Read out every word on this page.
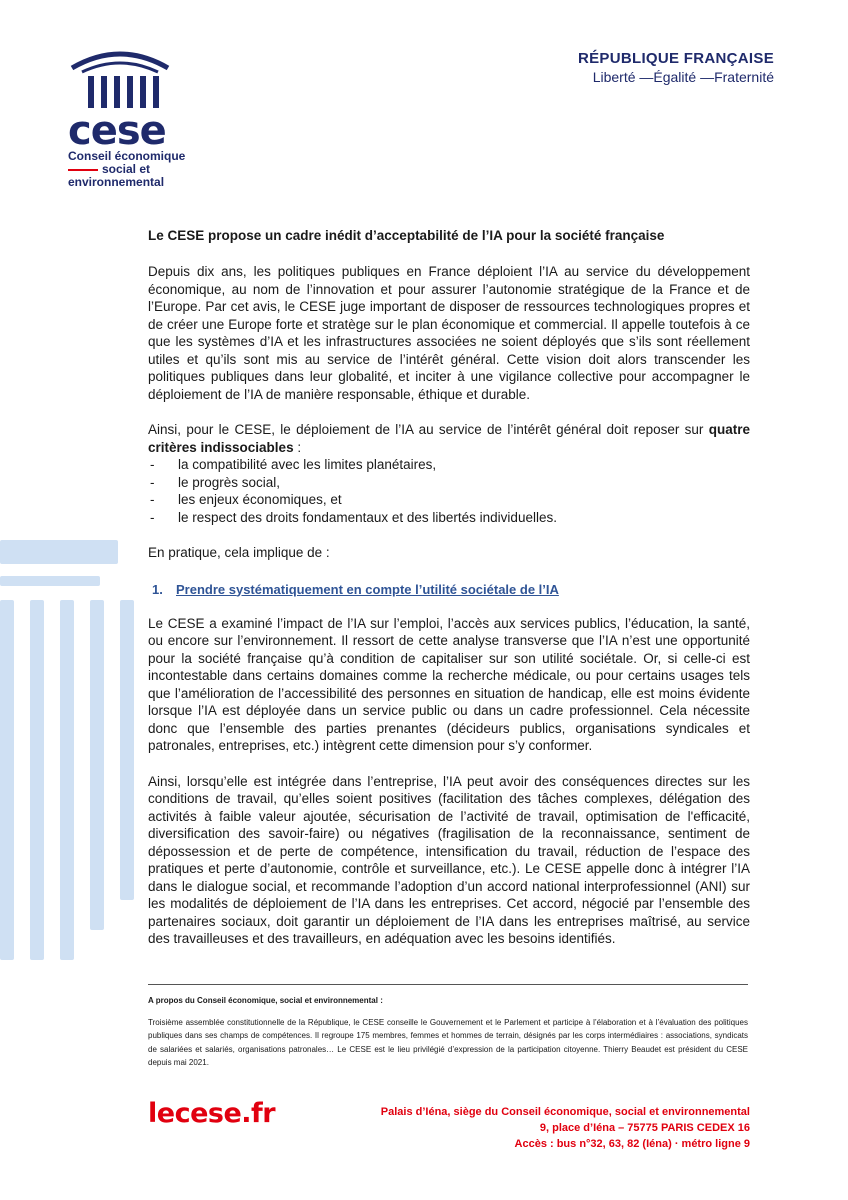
cese
Conseil économique
social et
environnemental
RÉPUBLIQUE FRANÇAISE
Liberté —Égalité —Fraternité
Le CESE propose un cadre inédit d’acceptabilité de l’IA pour la société française

Depuis dix ans, les politiques publiques en France déploient l’IA au service du développement économique, au nom de l’innovation et pour assurer l’autonomie stratégique de la France et de l’Europe. Par cet avis, le CESE juge important de disposer de ressources technologiques propres et de créer une Europe forte et stratège sur le plan économique et commercial. Il appelle toutefois à ce que les systèmes d’IA et les infrastructures associées ne soient déployés que s’ils sont réellement utiles et qu’ils sont mis au service de l’intérêt général. Cette vision doit alors transcender les politiques publiques dans leur globalité, et inciter à une vigilance collective pour accompagner le déploiement de l’IA de manière responsable, éthique et durable.

Ainsi, pour le CESE, le déploiement de l’IA au service de l’intérêt général doit reposer sur quatre critères indissociables :

- la compatibilité avec les limites planétaires,
- le progrès social,
- les enjeux économiques, et
- le respect des droits fondamentaux et des libertés individuelles.

En pratique, cela implique de :

1. Prendre systématiquement en compte l’utilité sociétale de l’IA

Le CESE a examiné l’impact de l’IA sur l’emploi, l’accès aux services publics, l’éducation, la santé, ou encore sur l’environnement. Il ressort de cette analyse transverse que l’IA n’est une opportunité pour la société française qu’à condition de capitaliser sur son utilité sociétale. Or, si celle-ci est incontestable dans certains domaines comme la recherche médicale, ou pour certains usages tels que l’amélioration de l’accessibilité des personnes en situation de handicap, elle est moins évidente lorsque l’IA est déployée dans un service public ou dans un cadre professionnel. Cela nécessite donc que l’ensemble des parties prenantes (décideurs publics, organisations syndicales et patronales, entreprises, etc.) intègrent cette dimension pour s’y conformer.

Ainsi, lorsqu’elle est intégrée dans l’entreprise, l’IA peut avoir des conséquences directes sur les conditions de travail, qu’elles soient positives (facilitation des tâches complexes, délégation des activités à faible valeur ajoutée, sécurisation de l’activité de travail, optimisation de l'efficacité, diversification des savoir-faire) ou négatives (fragilisation de la reconnaissance, sentiment de dépossession et de perte de compétence, intensification du travail, réduction de l’espace des pratiques et perte d’autonomie, contrôle et surveillance, etc.). Le CESE appelle donc à intégrer l’IA dans le dialogue social, et recommande l’adoption d’un accord national interprofessionnel (ANI) sur les modalités de déploiement de l’IA dans les entreprises. Cet accord, négocié par l’ensemble des partenaires sociaux, doit garantir un déploiement de l’IA dans les entreprises maîtrisé, au service des travailleuses et des travailleurs, en adéquation avec les besoins identifiés.

A propos du Conseil économique, social et environnemental :
Troisième assemblée constitutionnelle de la République, le CESE conseille le Gouvernement et le Parlement et participe à l’élaboration et à l’évaluation des politiques publiques dans ses champs de compétences. Il regroupe 175 membres, femmes et hommes de terrain, désignés par les corps intermédiaires : associations, syndicats de salariées et salariés, organisations patronales… Le CESE est le lieu privilégié d’expression de la participation citoyenne. Thierry Beaudet est président du CESE depuis mai 2021.
lecese.fr	Palais d’Iéna, siège du Conseil économique, social et environnemental
9, place d’Iéna – 75775 PARIS CEDEX 16
Accès : bus n°32, 63, 82 (Iéna) · métro ligne 9
